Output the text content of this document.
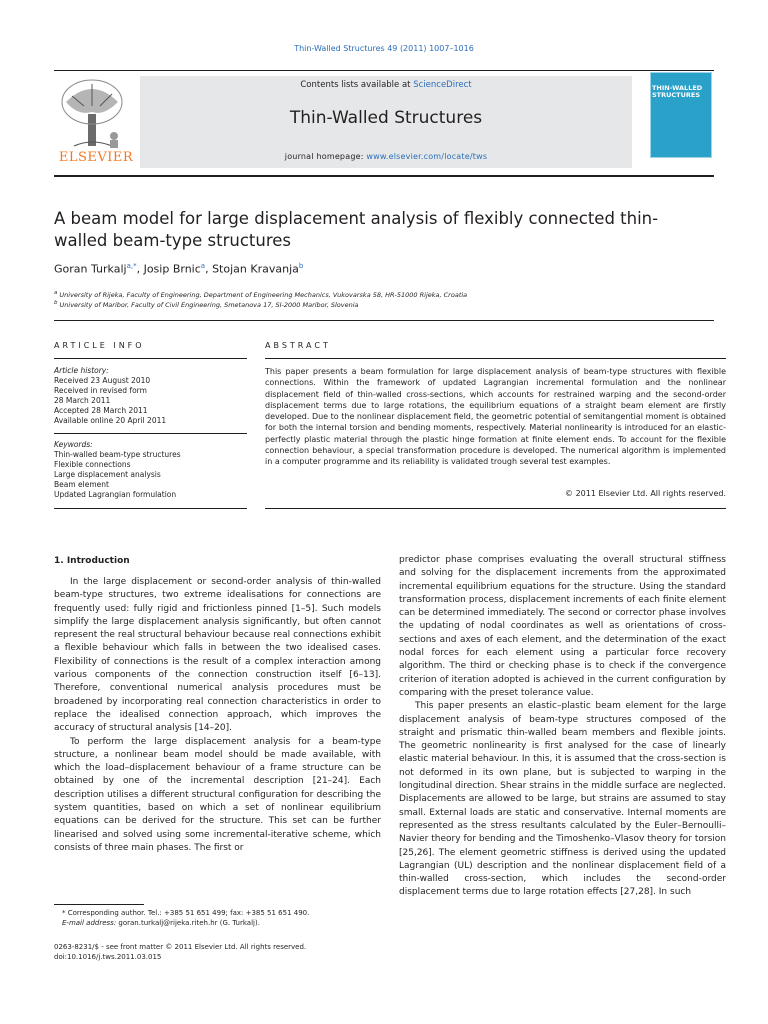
Thin-Walled Structures 49 (2011) 1007–1016
ELSEVIER
Contents lists available at ScienceDirect
Thin-Walled Structures
journal homepage: www.elsevier.com/locate/tws
THIN-WALLED STRUCTURES
A beam model for large displacement analysis of flexibly connected thin-walled beam-type structures
Goran Turkalj$^{a,*}$, Josip Brnic$^a$, Stojan Kravanja$^b$
$^a$ University of Rijeka, Faculty of Engineering, Department of Engineering Mechanics, Vukovarska 58, HR-51000 Rijeka, Croatia
$^b$ University of Maribor, Faculty of Civil Engineering, Smetanova 17, SI-2000 Maribor, Slovenia
ARTICLE INFO	ABSTRACT
Article history:
Received 23 August 2010
Received in revised form
28 March 2011
Accepted 28 March 2011
Available online 20 April 2011
Keywords:
Thin-walled beam-type structures
Flexible connections
Large displacement analysis
Beam element
Updated Lagrangian formulation
This paper presents a beam formulation for large displacement analysis of beam-type structures with flexible connections. Within the framework of updated Lagrangian incremental formulation and the nonlinear displacement field of thin-walled cross-sections, which accounts for restrained warping and the second-order displacement terms due to large rotations, the equilibrium equations of a straight beam element are firstly developed. Due to the nonlinear displacement field, the geometric potential of semitangential moment is obtained for both the internal torsion and bending moments, respectively. Material nonlinearity is introduced for an elastic-perfectly plastic material through the plastic hinge formation at finite element ends. To account for the flexible connection behaviour, a special transformation procedure is developed. The numerical algorithm is implemented in a computer programme and its reliability is validated trough several test examples.
© 2011 Elsevier Ltd. All rights reserved.
1. Introduction

In the large displacement or second-order analysis of thin-walled beam-type structures, two extreme idealisations for connections are frequently used: fully rigid and frictionless pinned [1–5]. Such models simplify the large displacement analysis significantly, but often cannot represent the real structural behaviour because real connections exhibit a flexible behaviour which falls in between the two idealised cases. Flexibility of connections is the result of a complex interaction among various components of the connection construction itself [6–13]. Therefore, conventional numerical analysis procedures must be broadened by incorporating real connection characteristics in order to replace the idealised connection approach, which improves the accuracy of structural analysis [14–20].

To perform the large displacement analysis for a beam-type structure, a nonlinear beam model should be made available, with which the load–displacement behaviour of a frame structure can be obtained by one of the incremental description [21–24]. Each description utilises a different structural configuration for describing the system quantities, based on which a set of nonlinear equilibrium equations can be derived for the structure. This set can be further linearised and solved using some incremental-iterative scheme, which consists of three main phases. The first or

predictor phase comprises evaluating the overall structural stiffness and solving for the displacement increments from the approximated incremental equilibrium equations for the structure. Using the standard transformation process, displacement increments of each finite element can be determined immediately. The second or corrector phase involves the updating of nodal coordinates as well as orientations of cross-sections and axes of each element, and the determination of the exact nodal forces for each element using a particular force recovery algorithm. The third or checking phase is to check if the convergence criterion of iteration adopted is achieved in the current configuration by comparing with the preset tolerance value.

This paper presents an elastic–plastic beam element for the large displacement analysis of beam-type structures composed of the straight and prismatic thin-walled beam members and flexible joints. The geometric nonlinearity is first analysed for the case of linearly elastic material behaviour. In this, it is assumed that the cross-section is not deformed in its own plane, but is subjected to warping in the longitudinal direction. Shear strains in the middle surface are neglected. Displacements are allowed to be large, but strains are assumed to stay small. External loads are static and conservative. Internal moments are represented as the stress resultants calculated by the Euler–Bernoulli–Navier theory for bending and the Timoshenko–Vlasov theory for torsion [25,26]. The element geometric stiffness is derived using the updated Lagrangian (UL) description and the nonlinear displacement field of a thin-walled cross-section, which includes the second-order displacement terms due to large rotation effects [27,28]. In such

* Corresponding author. Tel.: +385 51 651 499; fax: +385 51 651 490.
E-mail address: goran.turkalj@rijeka.riteh.hr (G. Turkalj).
0263-8231/$ - see front matter © 2011 Elsevier Ltd. All rights reserved.
doi:10.1016/j.tws.2011.03.015
